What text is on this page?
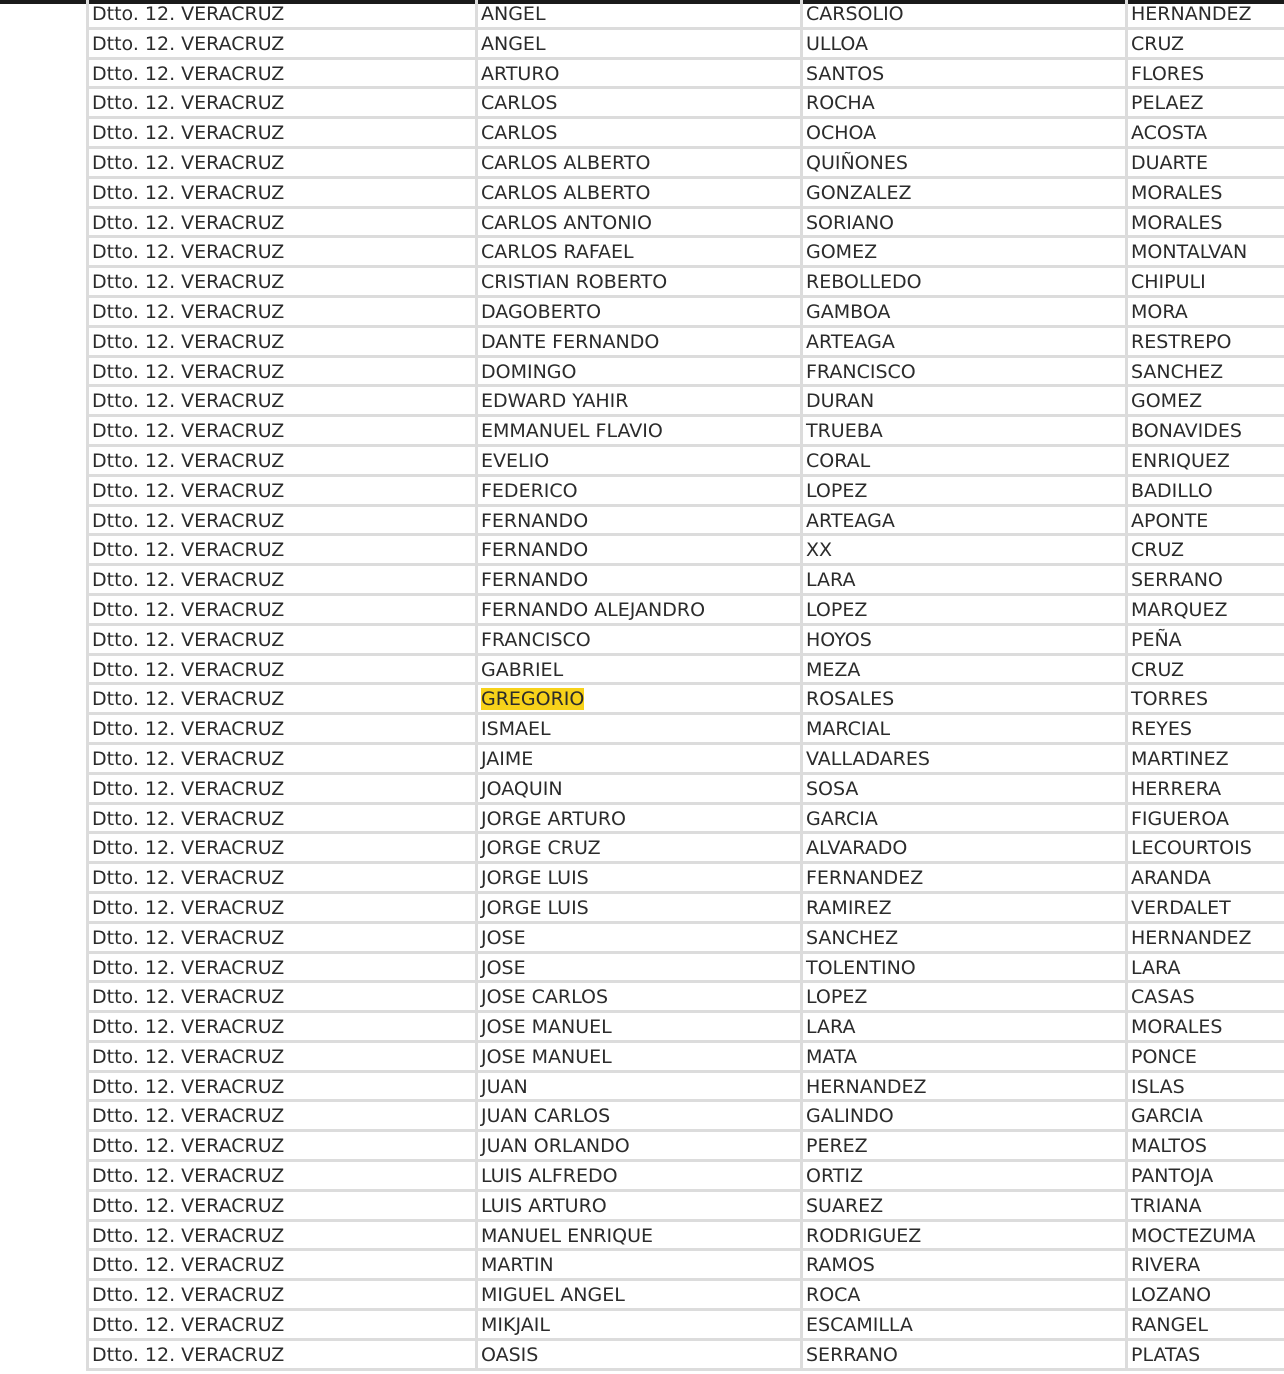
Dtto. 12. VERACRUZ	ANGEL	CARSOLIO	HERNANDEZ
Dtto. 12. VERACRUZ	ANGEL	ULLOA	CRUZ
Dtto. 12. VERACRUZ	ARTURO	SANTOS	FLORES
Dtto. 12. VERACRUZ	CARLOS	ROCHA	PELAEZ
Dtto. 12. VERACRUZ	CARLOS	OCHOA	ACOSTA
Dtto. 12. VERACRUZ	CARLOS ALBERTO	QUIÑONES	DUARTE
Dtto. 12. VERACRUZ	CARLOS ALBERTO	GONZALEZ	MORALES
Dtto. 12. VERACRUZ	CARLOS ANTONIO	SORIANO	MORALES
Dtto. 12. VERACRUZ	CARLOS RAFAEL	GOMEZ	MONTALVAN
Dtto. 12. VERACRUZ	CRISTIAN ROBERTO	REBOLLEDO	CHIPULI
Dtto. 12. VERACRUZ	DAGOBERTO	GAMBOA	MORA
Dtto. 12. VERACRUZ	DANTE FERNANDO	ARTEAGA	RESTREPO
Dtto. 12. VERACRUZ	DOMINGO	FRANCISCO	SANCHEZ
Dtto. 12. VERACRUZ	EDWARD YAHIR	DURAN	GOMEZ
Dtto. 12. VERACRUZ	EMMANUEL FLAVIO	TRUEBA	BONAVIDES
Dtto. 12. VERACRUZ	EVELIO	CORAL	ENRIQUEZ
Dtto. 12. VERACRUZ	FEDERICO	LOPEZ	BADILLO
Dtto. 12. VERACRUZ	FERNANDO	ARTEAGA	APONTE
Dtto. 12. VERACRUZ	FERNANDO	XX	CRUZ
Dtto. 12. VERACRUZ	FERNANDO	LARA	SERRANO
Dtto. 12. VERACRUZ	FERNANDO ALEJANDRO	LOPEZ	MARQUEZ
Dtto. 12. VERACRUZ	FRANCISCO	HOYOS	PEÑA
Dtto. 12. VERACRUZ	GABRIEL	MEZA	CRUZ
Dtto. 12. VERACRUZ	GREGORIO	ROSALES	TORRES
Dtto. 12. VERACRUZ	ISMAEL	MARCIAL	REYES
Dtto. 12. VERACRUZ	JAIME	VALLADARES	MARTINEZ
Dtto. 12. VERACRUZ	JOAQUIN	SOSA	HERRERA
Dtto. 12. VERACRUZ	JORGE ARTURO	GARCIA	FIGUEROA
Dtto. 12. VERACRUZ	JORGE CRUZ	ALVARADO	LECOURTOIS
Dtto. 12. VERACRUZ	JORGE LUIS	FERNANDEZ	ARANDA
Dtto. 12. VERACRUZ	JORGE LUIS	RAMIREZ	VERDALET
Dtto. 12. VERACRUZ	JOSE	SANCHEZ	HERNANDEZ
Dtto. 12. VERACRUZ	JOSE	TOLENTINO	LARA
Dtto. 12. VERACRUZ	JOSE CARLOS	LOPEZ	CASAS
Dtto. 12. VERACRUZ	JOSE MANUEL	LARA	MORALES
Dtto. 12. VERACRUZ	JOSE MANUEL	MATA	PONCE
Dtto. 12. VERACRUZ	JUAN	HERNANDEZ	ISLAS
Dtto. 12. VERACRUZ	JUAN CARLOS	GALINDO	GARCIA
Dtto. 12. VERACRUZ	JUAN ORLANDO	PEREZ	MALTOS
Dtto. 12. VERACRUZ	LUIS ALFREDO	ORTIZ	PANTOJA
Dtto. 12. VERACRUZ	LUIS ARTURO	SUAREZ	TRIANA
Dtto. 12. VERACRUZ	MANUEL ENRIQUE	RODRIGUEZ	MOCTEZUMA
Dtto. 12. VERACRUZ	MARTIN	RAMOS	RIVERA
Dtto. 12. VERACRUZ	MIGUEL ANGEL	ROCA	LOZANO
Dtto. 12. VERACRUZ	MIKJAIL	ESCAMILLA	RANGEL
Dtto. 12. VERACRUZ	OASIS	SERRANO	PLATAS
